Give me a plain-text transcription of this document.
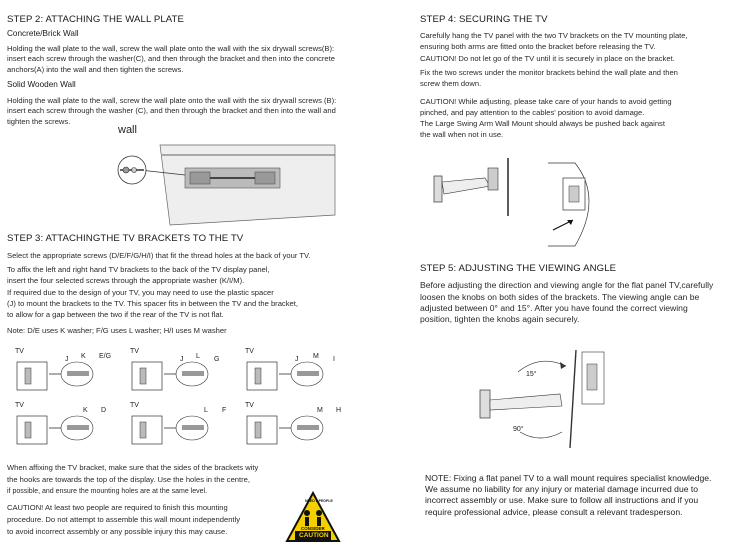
STEP 2: ATTACHING THE WALL PLATE
Concrete/Brick Wall
Holding the wall plate to the wall, screw the wall plate onto the wall with the six drywall screws(B): insert each screw through the washer(C), and then through the bracket and then into the concrete anchors(A) into the wall and then tighten the screws.
Solid Wooden Wall
Holding the wall plate to the wall, screw the wall plate onto the wall with the six drywall screws (B): insert each screw through the washer (C), and then through the bracket and then into the wall and tighten the screws.
wall
STEP 3: ATTACHINGTHE TV BRACKETS TO THE TV
Select the appropriate screws (D/E/F/G/H/I) that fit the thread holes at the back of your TV.
To affix the left and right hand TV brackets to the back of the TV display panel,
insert the four selected screws through the appropriate washer (K/I/M).
If required due to the design of your TV, you may need to use the plastic spacer
(J) to mount the brackets to the TV. This spacer fits in between the TV and the bracket,
to allow for a gap between the two if the rear of the TV is not flat.
Note: D/E uses K washer; F/G uses L washer; H/I uses M washer
TV
J K E/G
TV
J L G
TV
J M I
TV
K D
TV
L F
TV
M H
When affixing the TV bracket, make sure that the sides of the brackets wity
the hooks are towards the top of the display. Use the holes in the centre,
if possible, and ensure the mounting holes are at the same level.
CAUTION! At least two people are required to finish this mounting
procedure. Do not attempt to assemble this wall mount independently
to avoid incorrect assembly or any possible injury this may cause.
NEED 2 PEOPLE
CONSIDER
CAUTION
STEP 4: SECURING THE TV
Carefully hang the TV panel with the two TV brackets on the TV mounting plate,
ensuring both arms are fitted onto the bracket before releasing the TV.
CAUTION! Do not let go of the TV until it is securely in place on the bracket.
Fix the two screws under the monitor brackets behind the wall plate and then
screw them down.
CAUTION! While adjusting, please take care of your hands to avoid getting
pinched, and pay attention to the cables' position to avoid damage.
The Large Swing Arm Wall Mount should always be pushed back against
the wall when not in use.
STEP 5: ADJUSTING THE VIEWING ANGLE
Before adjusting the direction and viewing angle for the flat panel TV,carefully
loosen the knobs on both sides of the brackets. The viewing angle can be
adjusted between 0° and 15°. After you have found the correct viewing
position, tighten the knobs again securely.
15°
90°
NOTE: Fixing a flat panel TV to a wall mount requires specialist knowledge.
We assume no liability for any injury or material damage incurred due to
incorrect assembly or use. Make sure to follow all instructions and if you
require professional advice, please consult a relevant tradesperson.
